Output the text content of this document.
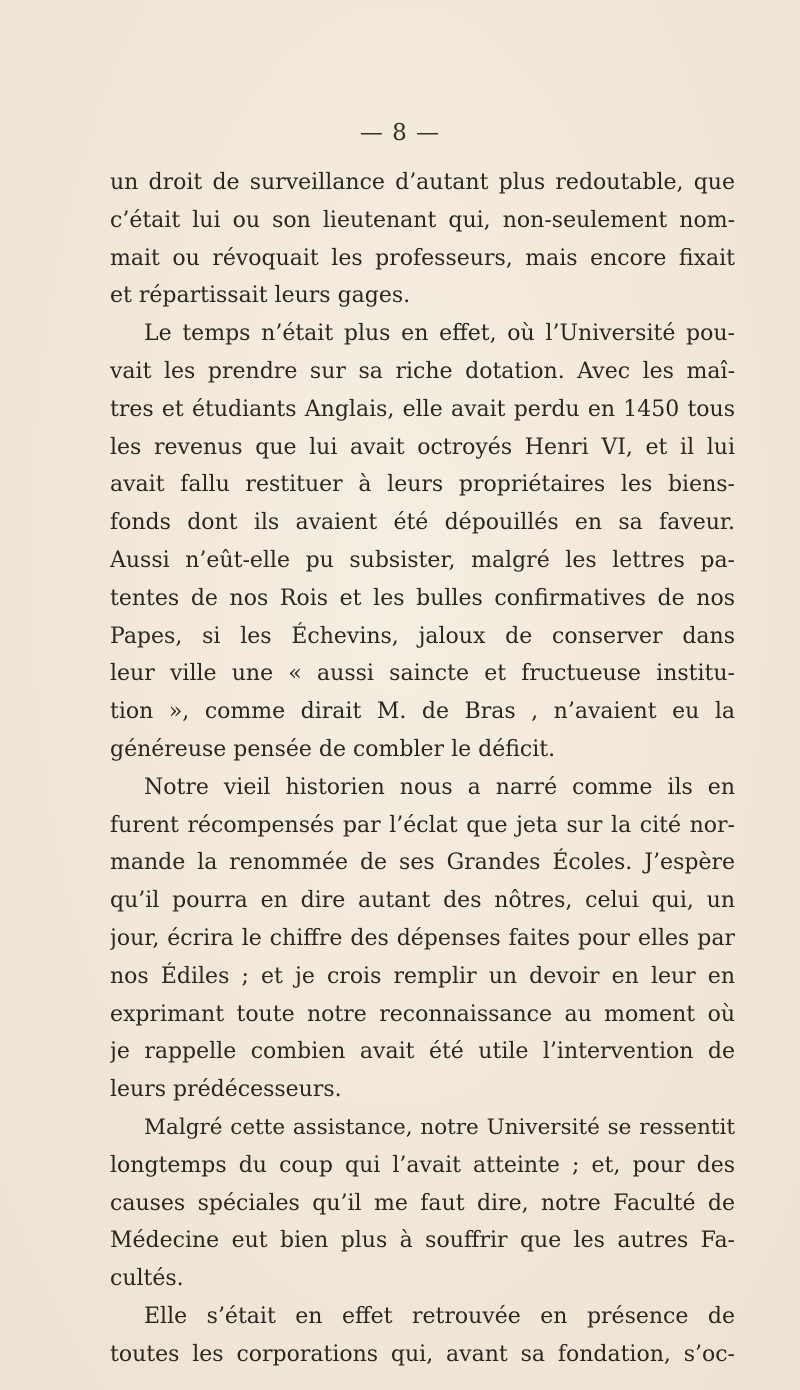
— 8 —
un droit de surveillance d’autant plus redoutable, que
c’était lui ou son lieutenant qui, non-seulement nom-
mait ou révoquait les professeurs, mais encore fixait
et répartissait leurs gages.
Le temps n’était plus en effet, où l’Université pou-
vait les prendre sur sa riche dotation. Avec les maî-
tres et étudiants Anglais, elle avait perdu en 1450 tous
les revenus que lui avait octroyés Henri VI, et il lui
avait fallu restituer à leurs propriétaires les biens-
fonds dont ils avaient été dépouillés en sa faveur.
Aussi n’eût-elle pu subsister, malgré les lettres pa-
tentes de nos Rois et les bulles confirmatives de nos
Papes, si les Échevins, jaloux de conserver dans
leur ville une « aussi saincte et fructueuse institu-
tion », comme dirait M. de Bras , n’avaient eu la
généreuse pensée de combler le déficit.
Notre vieil historien nous a narré comme ils en
furent récompensés par l’éclat que jeta sur la cité nor-
mande la renommée de ses Grandes Écoles. J’espère
qu’il pourra en dire autant des nôtres, celui qui, un
jour, écrira le chiffre des dépenses faites pour elles par
nos Édiles ; et je crois remplir un devoir en leur en
exprimant toute notre reconnaissance au moment où
je rappelle combien avait été utile l’intervention de
leurs prédécesseurs.
Malgré cette assistance, notre Université se ressentit
longtemps du coup qui l’avait atteinte ; et, pour des
causes spéciales qu’il me faut dire, notre Faculté de
Médecine eut bien plus à souffrir que les autres Fa-
cultés.
Elle s’était en effet retrouvée en présence de
toutes les corporations qui, avant sa fondation, s’oc-
